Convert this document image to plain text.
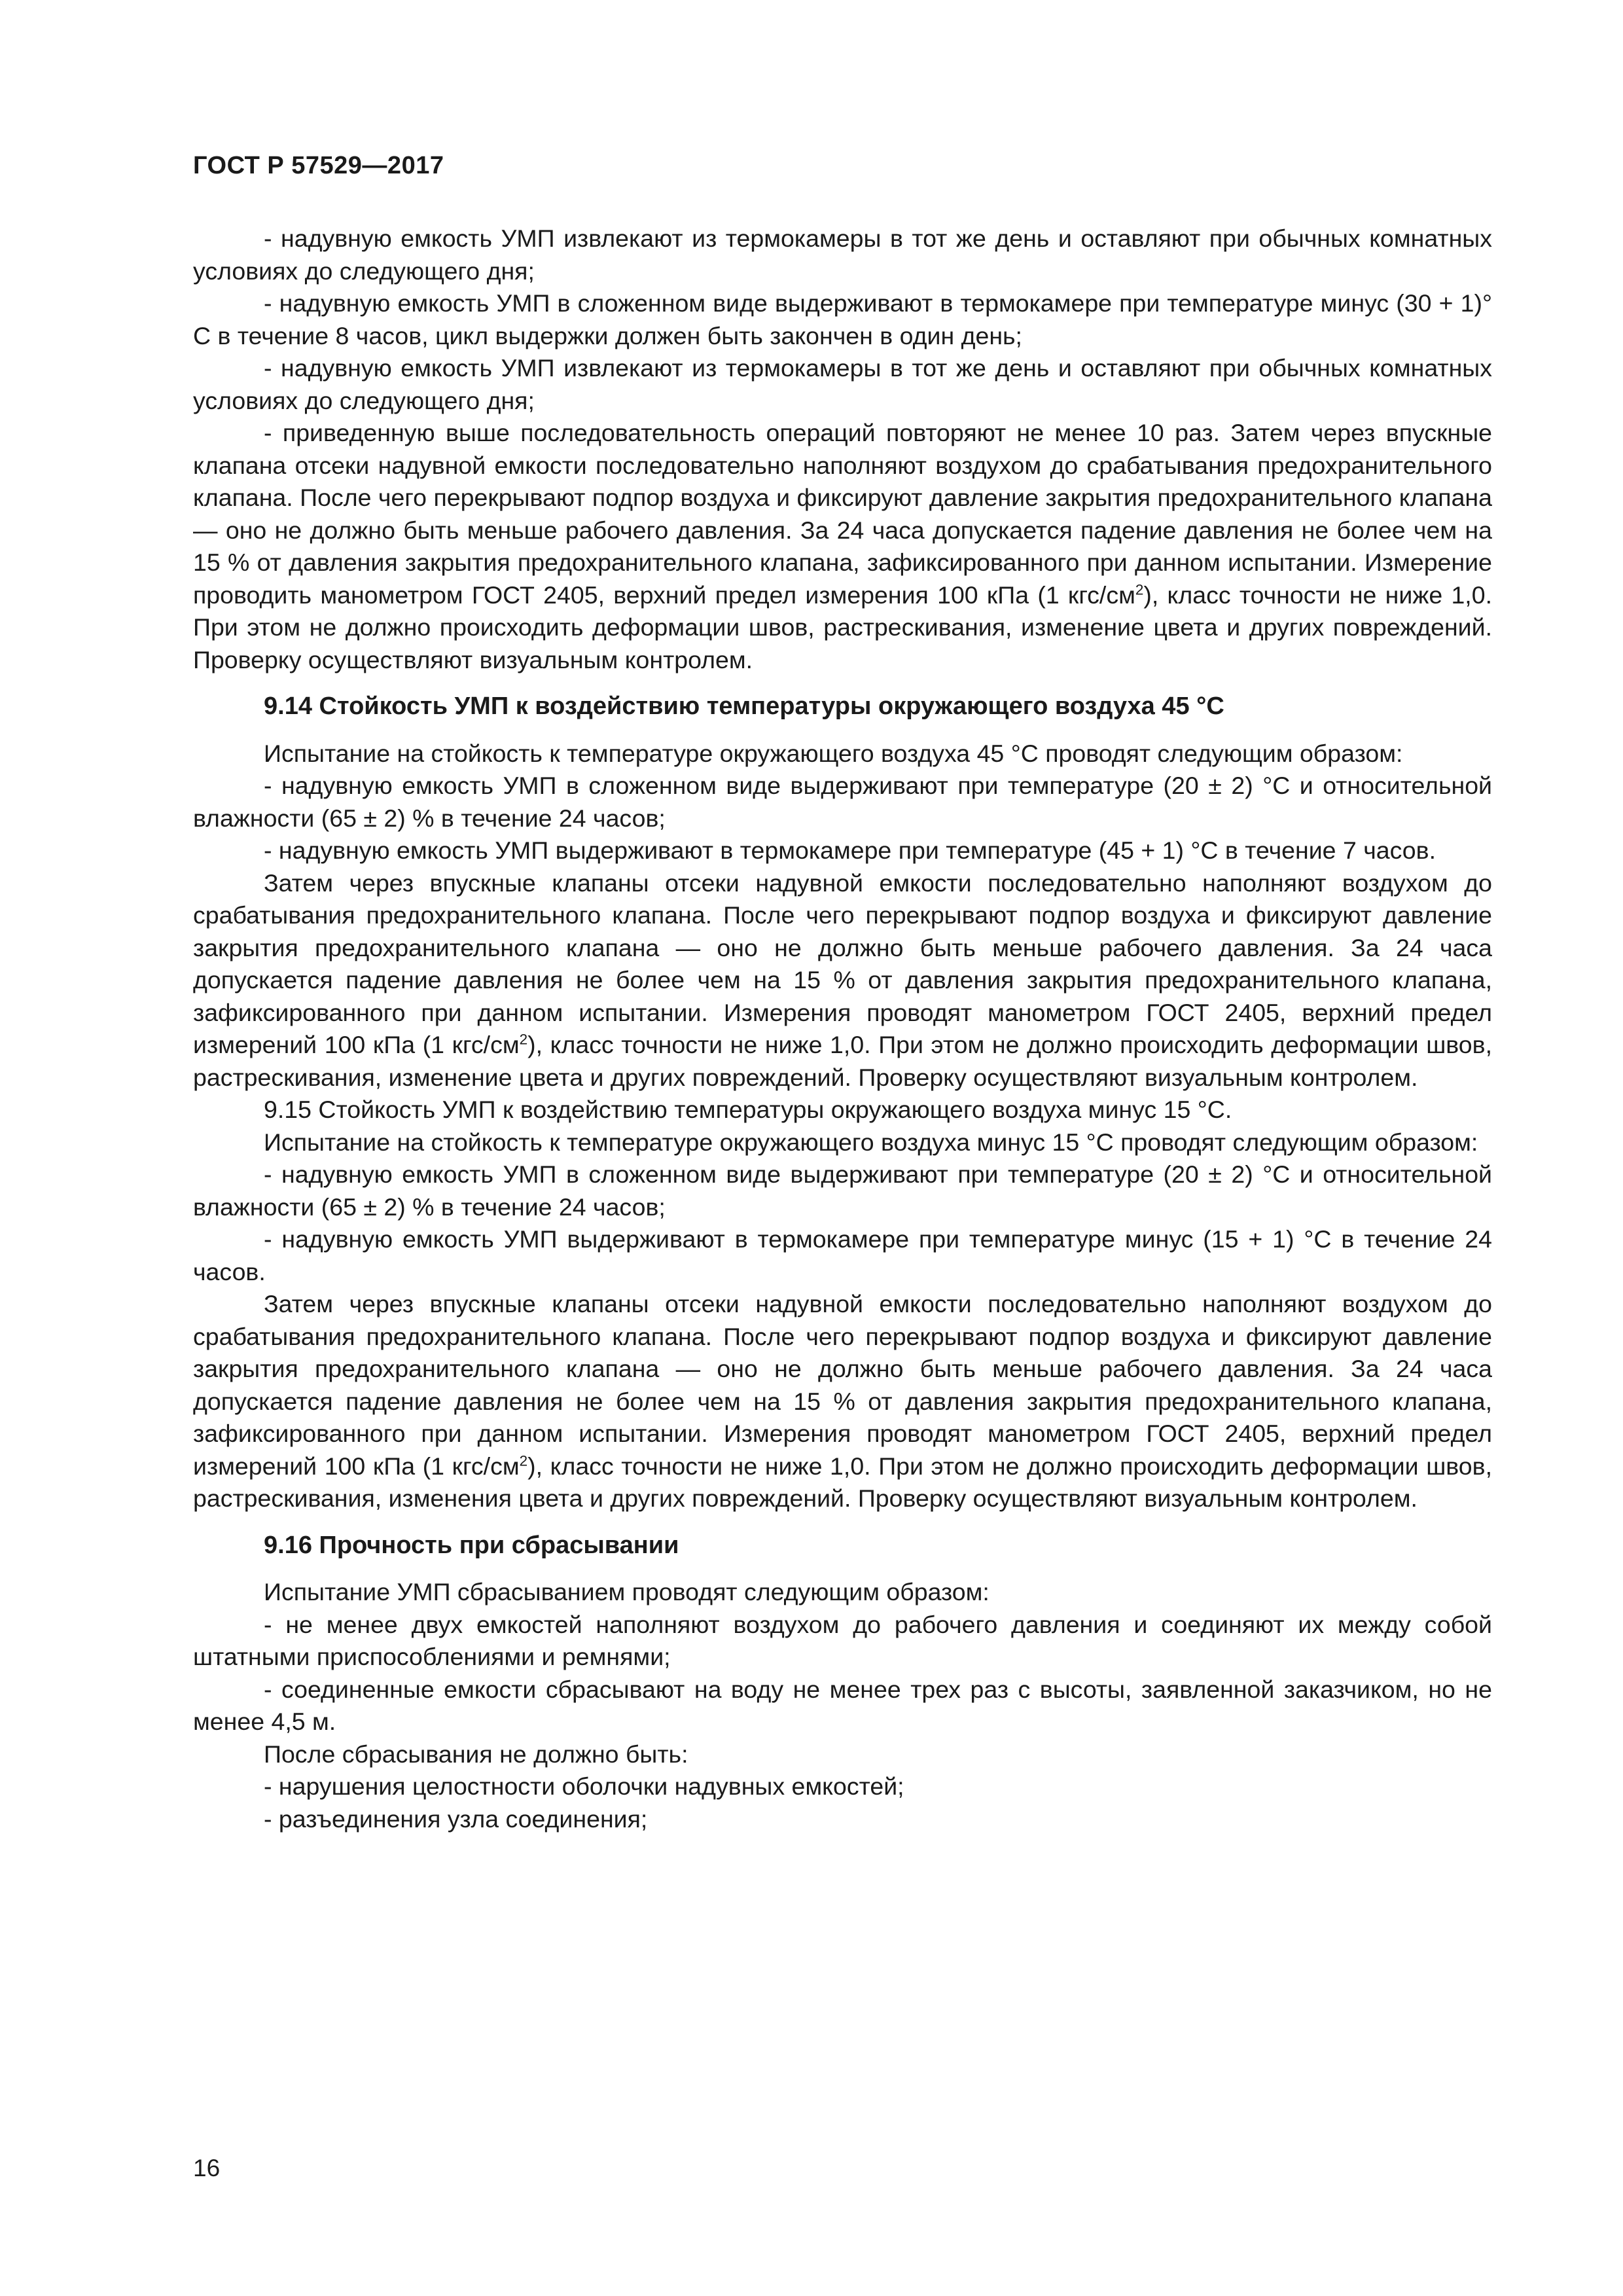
ГОСТ Р 57529—2017

- надувную емкость УМП извлекают из термокамеры в тот же день и оставляют при обычных комнатных условиях до следующего дня;

- надувную емкость УМП в сложенном виде выдерживают в термокамере при температуре минус (30 + 1)° С в течение 8 часов, цикл выдержки должен быть закончен в один день;

- надувную емкость УМП извлекают из термокамеры в тот же день и оставляют при обычных комнатных условиях до следующего дня;

- приведенную выше последовательность операций повторяют не менее 10 раз. Затем через впускные клапана отсеки надувной емкости последовательно наполняют воздухом до срабатывания предохранительного клапана. После чего перекрывают подпор воздуха и фиксируют давление закрытия предохранительного клапана — оно не должно быть меньше рабочего давления. За 24 часа допускается падение давления не более чем на 15 % от давления закрытия предохранительного клапана, зафиксированного при данном испытании. Измерение проводить манометром ГОСТ 2405, верхний предел измерения 100 кПа (1 кгс/$см^2$), класс точности не ниже 1,0. При этом не должно происходить деформации швов, растрескивания, изменение цвета и других повреждений. Проверку осуществляют визуальным контролем.

9.14 Стойкость УМП к воздействию температуры окружающего воздуха 45 °С

Испытание на стойкость к температуре окружающего воздуха 45 °С проводят следующим образом:

- надувную емкость УМП в сложенном виде выдерживают при температуре (20 ± 2) °С и относительной влажности (65 ± 2) % в течение 24 часов;

- надувную емкость УМП выдерживают в термокамере при температуре (45 + 1) °С в течение 7 часов.

Затем через впускные клапаны отсеки надувной емкости последовательно наполняют воздухом до срабатывания предохранительного клапана. После чего перекрывают подпор воздуха и фиксируют давление закрытия предохранительного клапана — оно не должно быть меньше рабочего давления. За 24 часа допускается падение давления не более чем на 15 % от давления закрытия предохранительного клапана, зафиксированного при данном испытании. Измерения проводят манометром ГОСТ 2405, верхний предел измерений 100 кПа (1 кгс/$см^2$), класс точности не ниже 1,0. При этом не должно происходить деформации швов, растрескивания, изменение цвета и других повреждений. Проверку осуществляют визуальным контролем.

9.15 Стойкость УМП к воздействию температуры окружающего воздуха минус 15 °С.

Испытание на стойкость к температуре окружающего воздуха минус 15 °С проводят следующим образом:

- надувную емкость УМП в сложенном виде выдерживают при температуре (20 ± 2) °С и относительной влажности (65 ± 2) % в течение 24 часов;

- надувную емкость УМП выдерживают в термокамере при температуре минус (15 + 1) °С в течение 24 часов.

Затем через впускные клапаны отсеки надувной емкости последовательно наполняют воздухом до срабатывания предохранительного клапана. После чего перекрывают подпор воздуха и фиксируют давление закрытия предохранительного клапана — оно не должно быть меньше рабочего давления. За 24 часа допускается падение давления не более чем на 15 % от давления закрытия предохранительного клапана, зафиксированного при данном испытании. Измерения проводят манометром ГОСТ 2405, верхний предел измерений 100 кПа (1 кгс/$см^2$), класс точности не ниже 1,0. При этом не должно происходить деформации швов, растрескивания, изменения цвета и других повреждений. Проверку осуществляют визуальным контролем.

9.16 Прочность при сбрасывании

Испытание УМП сбрасыванием проводят следующим образом:

- не менее двух емкостей наполняют воздухом до рабочего давления и соединяют их между собой штатными приспособлениями и ремнями;

- соединенные емкости сбрасывают на воду не менее трех раз с высоты, заявленной заказчиком, но не менее 4,5 м.

После сбрасывания не должно быть:

- нарушения целостности оболочки надувных емкостей;

- разъединения узла соединения;

16
